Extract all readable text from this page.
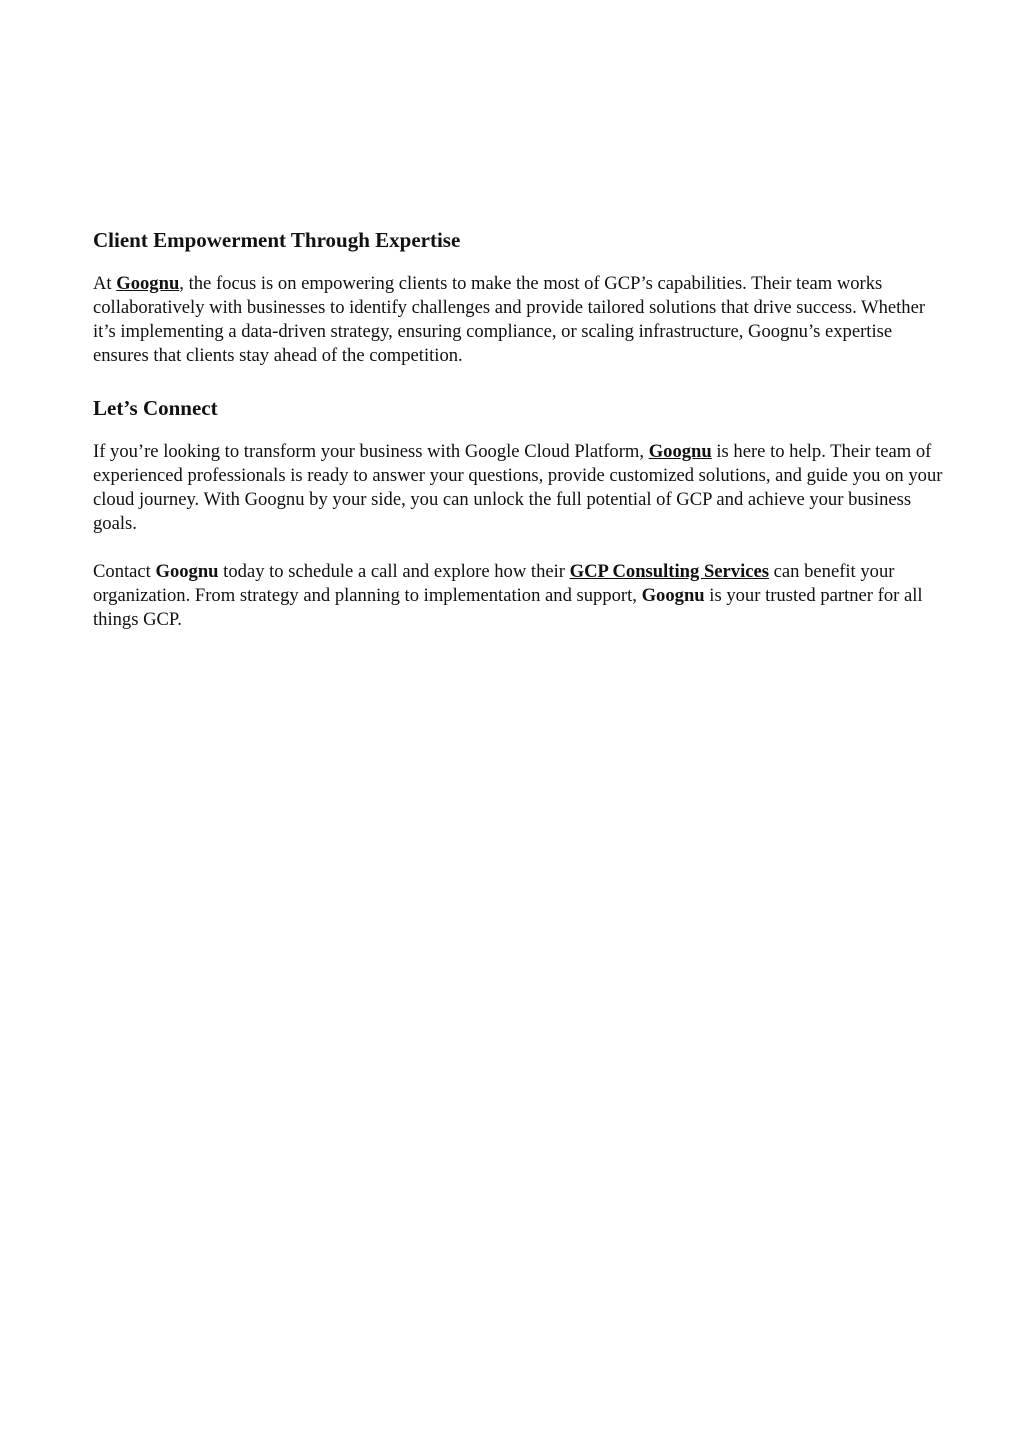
Client Empowerment Through Expertise

At Goognu, the focus is on empowering clients to make the most of GCP’s capabilities. Their team works collaboratively with businesses to identify challenges and provide tailored solutions that drive success. Whether it’s implementing a data-driven strategy, ensuring compliance, or scaling infrastructure, Goognu’s expertise ensures that clients stay ahead of the competition.

Let’s Connect

If you’re looking to transform your business with Google Cloud Platform, Goognu is here to help. Their team of experienced professionals is ready to answer your questions, provide customized solutions, and guide you on your cloud journey. With Goognu by your side, you can unlock the full potential of GCP and achieve your business goals.

Contact Goognu today to schedule a call and explore how their GCP Consulting Services can benefit your organization. From strategy and planning to implementation and support, Goognu is your trusted partner for all things GCP.
